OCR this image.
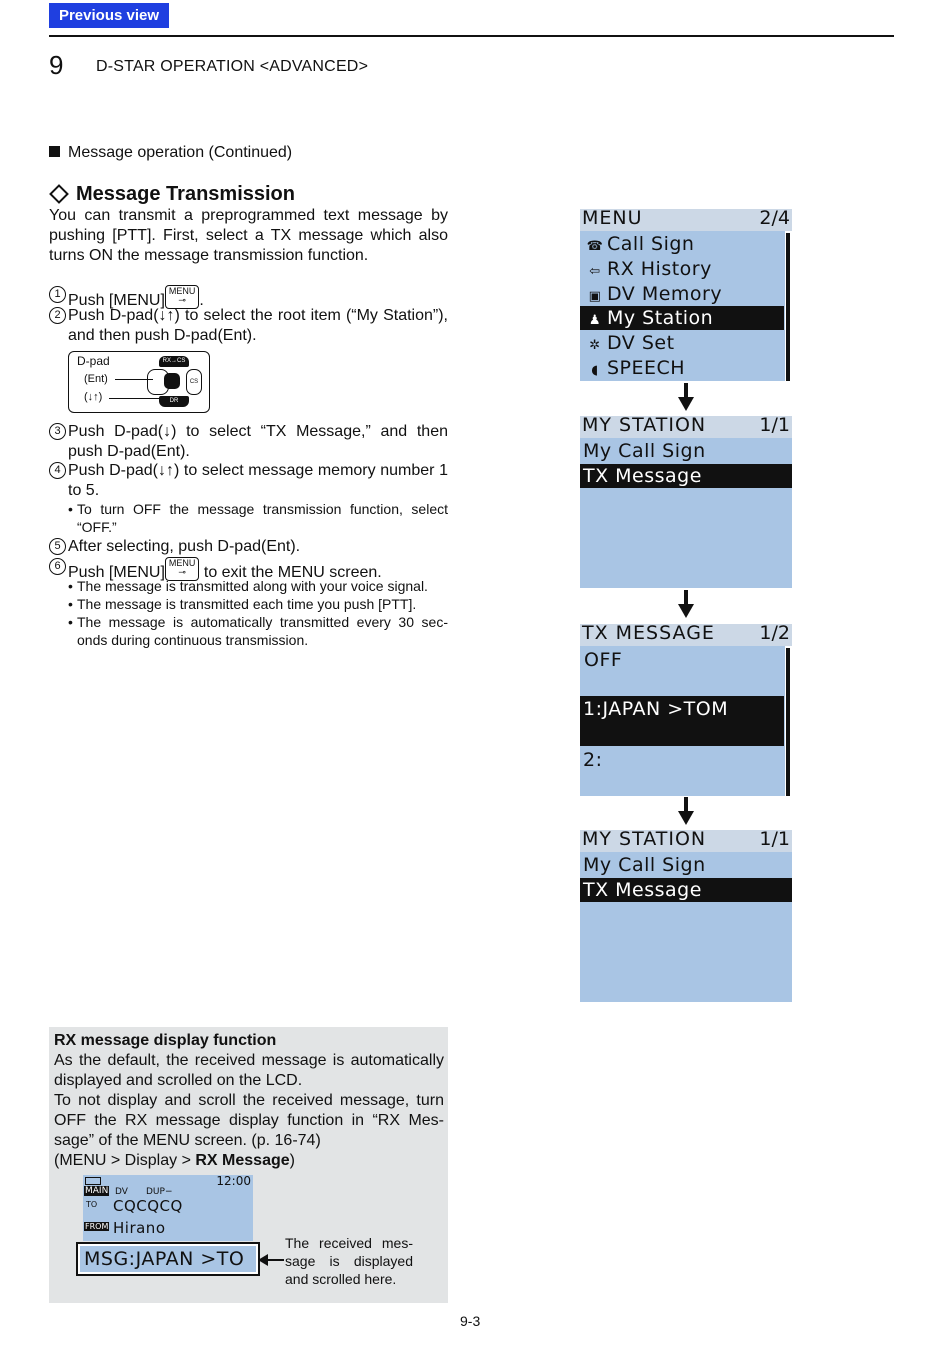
Previous view
9 D-STAR OPERATION <ADVANCED>
Message operation (Continued)
Message Transmission
You can transmit a preprogrammed text message by pushing [PTT]. First, select a TX message which also turns ON the message transmission function.
1 Push [MENU]MENU
⊸ .
2 Push D-pad(↓↑) to select the root item (“My Station”), and then push D-pad(Ent).
D-pad
(Ent)
(↓↑)
RX→CS
DR
CS
3 Push D-pad(↓) to select “TX Message,” and then push D-pad(Ent).
4 Push D-pad(↓↑) to select message memory number 1 to 5.
• To turn OFF the message transmission function, select “OFF.”
5 After selecting, push D-pad(Ent).
6 Push [MENU]MENU
⊸ to exit the MENU screen.
• The message is transmitted along with your voice signal.
• The message is transmitted each time you push [PTT].
• The message is automatically transmitted every 30 sec- onds during continuous transmission.
MENU	2/4
☎ Call Sign
⇦ RX History
▣ DV Memory
♟ My Station
✲ DV Set
◖ SPEECH
MY STATION	1/1
My Call Sign
TX Message
TX MESSAGE 1/2
OFF
1:JAPAN >TOM
2:
MY STATION	1/1
My Call Sign
TX Message
RX message display function
As the default, the received message is automatically displayed and scrolled on the LCD.
To not display and scroll the received message, turn OFF the RX message display function in “RX Mes- sage” of the MENU screen. (p. 16-74)
(MENU > Display > RX Message)
12:00
MAIN DV DUP−
TO CQCQCQ
FROM Hirano
MSG:JAPAN >TO
The received mes- sage is displayed and scrolled here.
9-3
